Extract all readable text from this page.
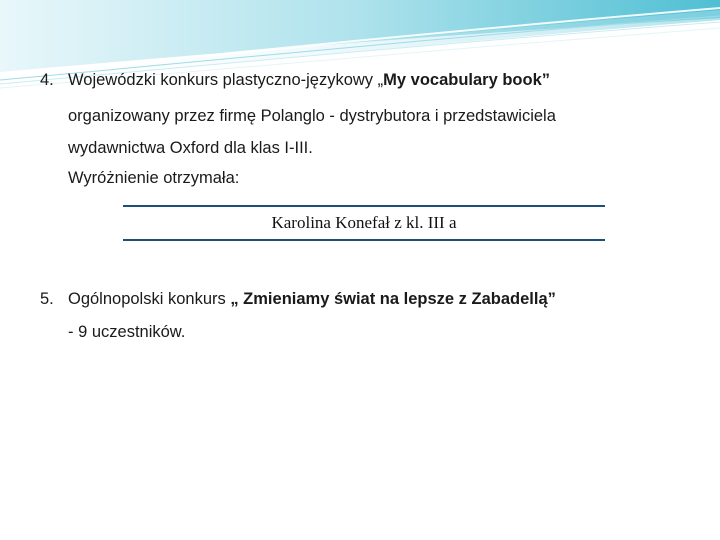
4. Wojewódzki konkurs plastyczno-językowy „My vocabulary book”
organizowany przez firmę Polanglo - dystrybutora i przedstawiciela
wydawnictwa Oxford dla klas I-III.
Wyróżnienie otrzymała:
Karolina Konefał z kl. III a
5. Ogólnopolski konkurs „ Zmieniamy świat na lepsze z Zabadellą”
- 9 uczestników.
